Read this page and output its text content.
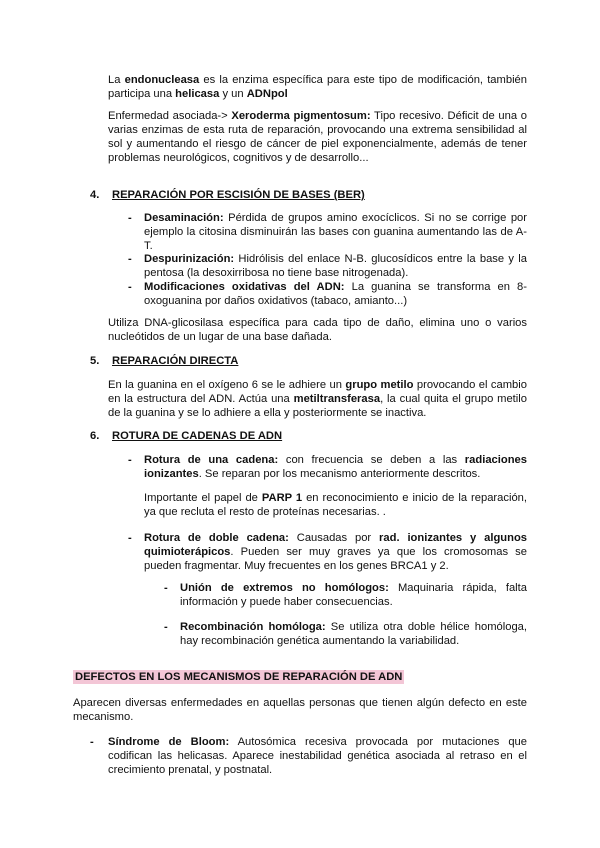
La endonucleasa es la enzima específica para este tipo de modificación, también participa una helicasa y un ADNpol

Enfermedad asociada-> Xeroderma pigmentosum: Tipo recesivo. Déficit de una o varias enzimas de esta ruta de reparación, provocando una extrema sensibilidad al sol y aumentando el riesgo de cáncer de piel exponencialmente, además de tener problemas neurológicos, cognitivos y de desarrollo...

4. REPARACIÓN POR ESCISIÓN DE BASES (BER)
- Desaminación: Pérdida de grupos amino exocíclicos. Si no se corrige por ejemplo la citosina disminuirán las bases con guanina aumentando las de A-T.

- Despurinización: Hidrólisis del enlace N-B. glucosídicos entre la base y la pentosa (la desoxirribosa no tiene base nitrogenada).

- Modificaciones oxidativas del ADN: La guanina se transforma en 8-oxoguanina por daños oxidativos (tabaco, amianto...)

Utiliza DNA-glicosilasa específica para cada tipo de daño, elimina uno o varios nucleótidos de un lugar de una base dañada.

5. REPARACIÓN DIRECTA

En la guanina en el oxígeno 6 se le adhiere un grupo metilo provocando el cambio en la estructura del ADN. Actúa una metiltransferasa, la cual quita el grupo metilo de la guanina y se lo adhiere a ella y posteriormente se inactiva.

6. ROTURA DE CADENAS DE ADN
- Rotura de una cadena: con frecuencia se deben a las radiaciones ionizantes. Se reparan por los mecanismo anteriormente descritos.

Importante el papel de PARP 1 en reconocimiento e inicio de la reparación, ya que recluta el resto de proteínas necesarias. .

- Rotura de doble cadena: Causadas por rad. ionizantes y algunos quimioterápicos. Pueden ser muy graves ya que los cromosomas se pueden fragmentar. Muy frecuentes en los genes BRCA1 y 2.

- Unión de extremos no homólogos: Maquinaria rápida, falta información y puede haber consecuencias.

- Recombinación homóloga: Se utiliza otra doble hélice homóloga, hay recombinación genética aumentando la variabilidad.

DEFECTOS EN LOS MECANISMOS DE REPARACIÓN DE ADN

Aparecen diversas enfermedades en aquellas personas que tienen algún defecto en este mecanismo.

- Síndrome de Bloom: Autosómica recesiva provocada por mutaciones que codifican las helicasas. Aparece inestabilidad genética asociada al retraso en el crecimiento prenatal, y postnatal.
